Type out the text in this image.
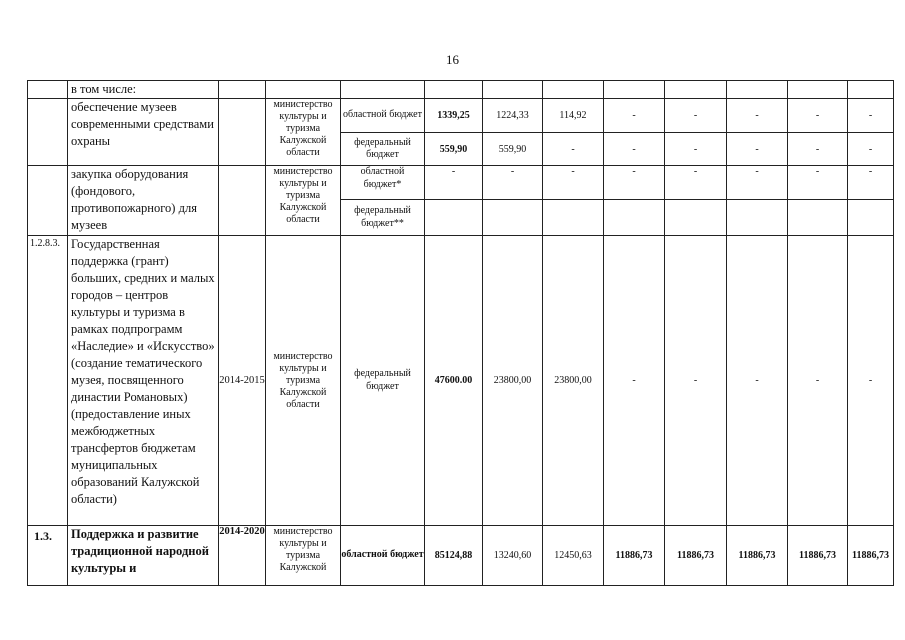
16
	в том числе:											
	обеспечение музеев современными средствами охраны		министерство культуры и туризма Калужской области	областной бюджет	1339,25	1224,33	114,92	-	-	-	-	-
				федеральный бюджет	559,90	559,90	-	-	-	-	-	-
	закупка оборудования (фондового, противопожарного) для музеев		министерство культуры и туризма Калужской области	областной бюджет*	-	-	-	-	-	-	-	-
				федеральный бюджет**								
1.2.8.3.	Государственная поддержка (грант) больших, средних и малых городов – центров культуры и туризма в рамках подпрограмм «Наследие» и «Искусство» (создание тематического музея, посвященного династии Романовых) (предоставление иных межбюджетных трансфертов бюджетам муниципальных образований Калужской области)	2014-2015	министерство культуры и туризма Калужской области	федеральный бюджет	47600.00	23800,00	23800,00	-	-	-	-	-
1.3.	Поддержка и развитие традиционной народной культуры и	2014-2020	министерство культуры и туризма Калужской	областной бюджет	85124,88	13240,60	12450,63	11886,73	11886,73	11886,73	11886,73	11886,73
